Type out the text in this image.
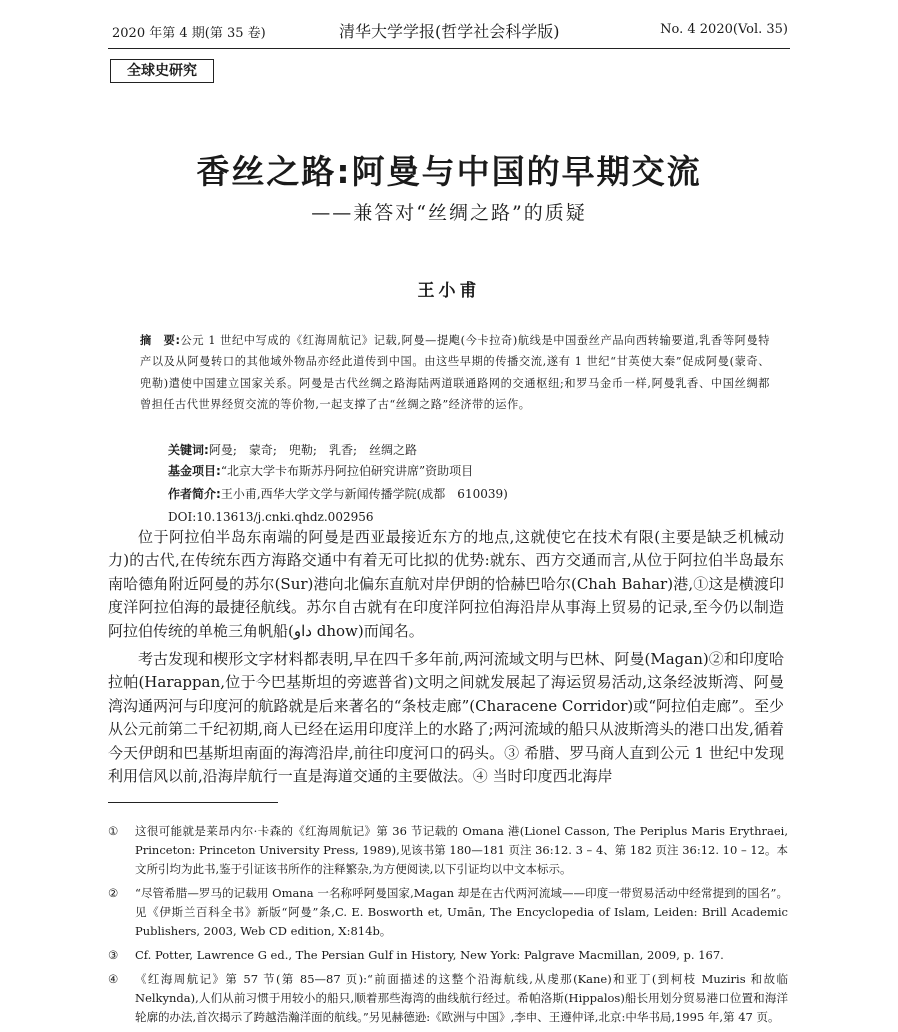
2020 年第 4 期(第 35 卷)	清华大学学报(哲学社会科学版)	No. 4 2020(Vol. 35)
全球史研究
香丝之路:阿曼与中国的早期交流
——兼答对“丝绸之路”的质疑
王小甫
摘　要:公元 1 世纪中写成的《红海周航记》记载,阿曼—提飑(今卡拉奇)航线是中国蚕丝产品向西转输要道,乳香等阿曼特产以及从阿曼转口的其他域外物品亦经此道传到中国。由这些早期的传播交流,遂有 1 世纪“甘英使大秦”促成阿曼(蒙奇、兜勒)遣使中国建立国家关系。阿曼是古代丝绸之路海陆两道联通路网的交通枢纽;和罗马金币一样,阿曼乳香、中国丝绸都曾担任古代世界经贸交流的等价物,一起支撑了古“丝绸之路”经济带的运作。
关键词:阿曼; 蒙奇; 兜勒; 乳香; 丝绸之路
基金项目:“北京大学卡布斯苏丹阿拉伯研究讲席”资助项目
作者简介:王小甫,西华大学文学与新闻传播学院(成都　610039)
DOI:10.13613/j.cnki.qhdz.002956

位于阿拉伯半岛东南端的阿曼是西亚最接近东方的地点,这就使它在技术有限(主要是缺乏机械动力)的古代,在传统东西方海路交通中有着无可比拟的优势:就东、西方交通而言,从位于阿拉伯半岛最东南哈德角附近阿曼的苏尔(Sur)港向北偏东直航对岸伊朗的恰赫巴哈尔(Chah Bahar)港,①这是横渡印度洋阿拉伯海的最捷径航线。苏尔自古就有在印度洋阿拉伯海沿岸从事海上贸易的记录,至今仍以制造阿拉伯传统的单桅三角帆船(داو dhow)而闻名。

考古发现和楔形文字材料都表明,早在四千多年前,两河流域文明与巴林、阿曼(Magan)②和印度哈拉帕(Harappan,位于今巴基斯坦的旁遮普省)文明之间就发展起了海运贸易活动,这条经波斯湾、阿曼湾沟通两河与印度河的航路就是后来著名的“条枝走廊”(Characene Corridor)或“阿拉伯走廊”。至少从公元前第二千纪初期,商人已经在运用印度洋上的水路了;两河流域的船只从波斯湾头的港口出发,循着今天伊朗和巴基斯坦南面的海湾沿岸,前往印度河口的码头。③ 希腊、罗马商人直到公元 1 世纪中发现利用信风以前,沿海岸航行一直是海道交通的主要做法。④ 当时印度西北海岸

① 这很可能就是莱昂内尔·卡森的《红海周航记》第 36 节记载的 Omana 港(Lionel Casson, The Periplus Maris Erythraei, Princeton: Princeton University Press, 1989),见该书第 180—181 页注 36:12. 3 – 4、第 182 页注 36:12. 10 – 12。本文所引均为此书,鉴于引证该书所作的注释繁杂,为方便阅读,以下引证均以中文本标示。
② “尽管希腊—罗马的记载用 Omana 一名称呼阿曼国家,Magan 却是在古代两河流域——印度一带贸易活动中经常提到的国名”。见《伊斯兰百科全书》新版“阿曼”条,C. E. Bosworth et, Umān, The Encyclopedia of Islam, Leiden: Brill Academic Publishers, 2003, Web CD edition, X:814b。
③ Cf. Potter, Lawrence G ed., The Persian Gulf in History, New York: Palgrave Macmillan, 2009, p. 167.
④ 《红海周航记》第 57 节(第 85—87 页):“前面描述的这整个沿海航线,从虔那(Kane)和亚丁(到柯枝 Muziris 和故临 Nelkynda),人们从前习惯于用较小的船只,顺着那些海湾的曲线航行经过。希帕洛斯(Hippalos)船长用划分贸易港口位置和海洋轮廓的办法,首次揭示了跨越浩瀚洋面的航线。”另见赫德逊:《欧洲与中国》,李申、王遵仲译,北京:中华书局,1995 年,第 47 页。
